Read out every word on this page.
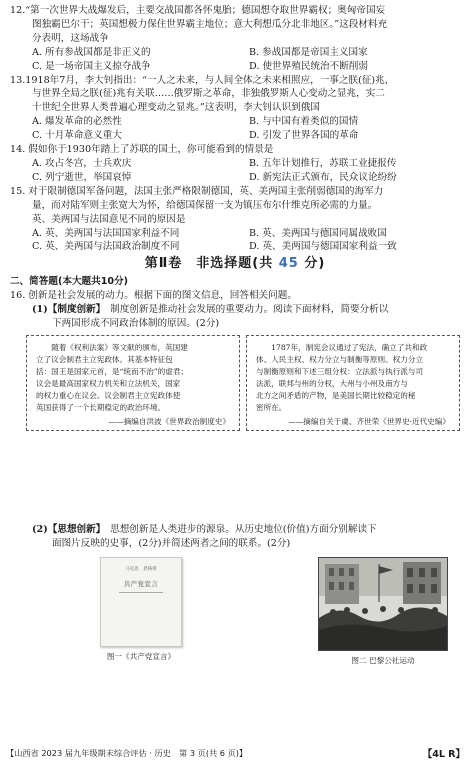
12.“第一次世界大战爆发后，主要交战国都各怀鬼胎；德国想夺取世界霸权；奥匈帝国妄

图独霸巴尔干；英国想极力保住世界霸主地位；意大利想瓜分北非地区。”这段材料充

分表明，这场战争

A. 所有参战国都是非正义的	B. 参战国都是帝国主义国家
C. 是一场帝国主义掠夺战争	D. 使世界殖民统治不断削弱

13.1918年7月，李大钊指出：“一人之未来，与人间全体之未来相照应，一事之朕(征)兆，

与世界全局之朕(征)兆有关联……俄罗斯之革命，非独俄罗斯人心变动之显兆，实二

十世纪全世界人类普遍心理变动之显兆。”这表明，李大钊认识到俄国

A. 爆发革命的必然性	B. 与中国有着类似的国情
C. 十月革命意义重大	D. 引发了世界各国的革命

14. 假如你于1930年踏上了苏联的国土，你可能看到的情景是

A. 攻占冬宫，士兵欢庆	B. 五年计划推行，苏联工业捷报传
C. 列宁逝世，举国哀悼	D. 新宪法正式颁布，民众议论纷纷

15. 对于限制德国军备问题，法国主张严格限制德国，英、美两国主张削弱德国的海军力

量，而对陆军则主张宽大为怀，给德国保留一支为镇压布尔什维克所必需的力量。

英、美两国与法国意见不同的原因是

A. 英、美两国与法国国家利益不同	B. 英、美两国与德国同属战败国
C. 英、美两国与法国政治制度不同	D. 英、美两国与德国国家利益一致
第Ⅱ卷　非选择题(共 45 分)
二、简答题(本大题共10分)

16. 创新是社会发展的动力。根据下面的图文信息，回答相关问题。

(1)【制度创新】　 制度创新是推动社会发展的重要动力。阅读下面材料，简要分析以

下两国形成不同政治体制的原因。(2分)

随着《权利法案》等文献的颁布，英国建
立了议会制君主立宪政体。其基本特征包
括：国王是国家元首，是“统而不治”的虚君；
议会是最高国家权力机关和立法机关，国家
的权力重心在议会。议会制君主立宪政体使
英国获得了一个长期稳定的政治环境。
——摘编自洪波《世界政治制度史》
1787年，制宪会议通过了宪法，确立了共和政
体、人民主权、权力分立与制衡等原则。权力分立
与制衡原则和下述三组分权：立法派与执行派与司
法派，联邦与州的分权，大州与小州及南方与
北方之间矛盾的产物，是美国长期比较稳定的秘
密所在。
——摘编自关于虞、齐世荣《世界史·近代史编》

(2)【思想创新】　 思想创新是人类进步的源泉。从历史地位(价值)方面分别解读下

面图片反映的史事，(2分)并简述两者之间的联系。(2分)

马克思　恩格斯
共产党宣言
图一《共产党宣言》	图二 巴黎公社运动
【山西省 2023 届九年级期末综合评估 · 历史　第 3 页(共 6 页)】	【4L R】
